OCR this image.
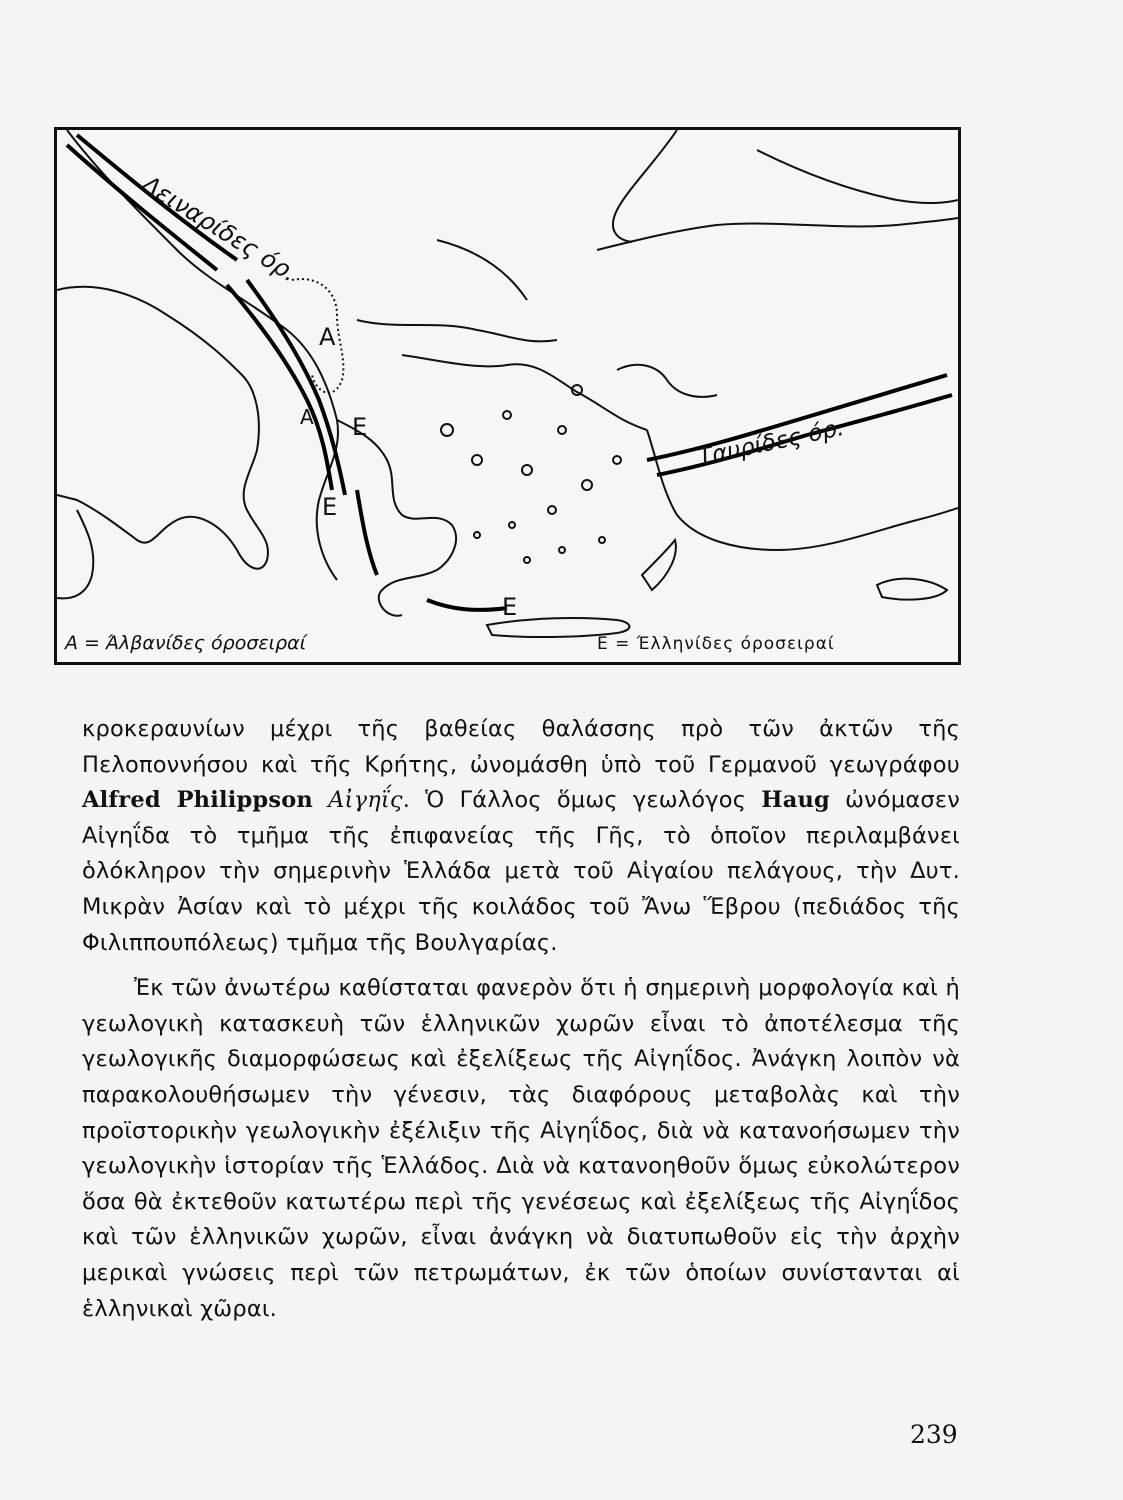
Δειναρίδες όρ.
Ταυρίδες όρ.
Α
Α Ε
Ε
Ε
Α = Άλβανίδες όροσειραί	Ε = Έλληνίδες όροσειραί

κροκεραυνίων μέχρι τῆς βαθείας θαλάσσης πρὸ τῶν ἀκτῶν τῆς Πελοποννήσου καὶ τῆς Κρήτης, ὠνομάσθη ὑπὸ τοῦ Γερμανοῦ γεωγράφου Alfred Philippson Αἰγηΐς. Ὁ Γάλλος ὅμως γεωλόγος Haug ὠνόμασεν Αἰγηΐδα τὸ τμῆμα τῆς ἐπιφανείας τῆς Γῆς, τὸ ὁποῖον περιλαμβάνει ὁλόκληρον τὴν σημερινὴν Ἑλλάδα μετὰ τοῦ Αἰγαίου πελάγους, τὴν Δυτ. Μικρὰν Ἀσίαν καὶ τὸ μέχρι τῆς κοιλάδος τοῦ Ἄνω Ἕβρου (πεδιάδος τῆς Φιλιππουπόλεως) τμῆμα τῆς Βουλγαρίας.

Ἐκ τῶν ἀνωτέρω καθίσταται φανερὸν ὅτι ἡ σημερινὴ μορφολογία καὶ ἡ γεωλογικὴ κατασκευὴ τῶν ἑλληνικῶν χωρῶν εἶναι τὸ ἀποτέλεσμα τῆς γεωλογικῆς διαμορφώσεως καὶ ἐξελίξεως τῆς Αἰγηΐδος. Ἀνάγκη λοιπὸν νὰ παρακολουθήσωμεν τὴν γένεσιν, τὰς διαφόρους μεταβολὰς καὶ τὴν προϊστορικὴν γεωλογικὴν ἐξέλιξιν τῆς Αἰγηΐδος, διὰ νὰ κατανοήσωμεν τὴν γεωλογικὴν ἱστορίαν τῆς Ἑλλάδος. Διὰ νὰ κατανοηθοῦν ὅμως εὐκολώτερον ὅσα θὰ ἐκτεθοῦν κατωτέρω περὶ τῆς γενέσεως καὶ ἐξελίξεως τῆς Αἰγηΐδος καὶ τῶν ἑλληνικῶν χωρῶν, εἶναι ἀνάγκη νὰ διατυπωθοῦν εἰς τὴν ἀρχὴν μερικαὶ γνώσεις περὶ τῶν πετρωμάτων, ἐκ τῶν ὁποίων συνίστανται αἱ ἑλληνικαὶ χῶραι.

239
